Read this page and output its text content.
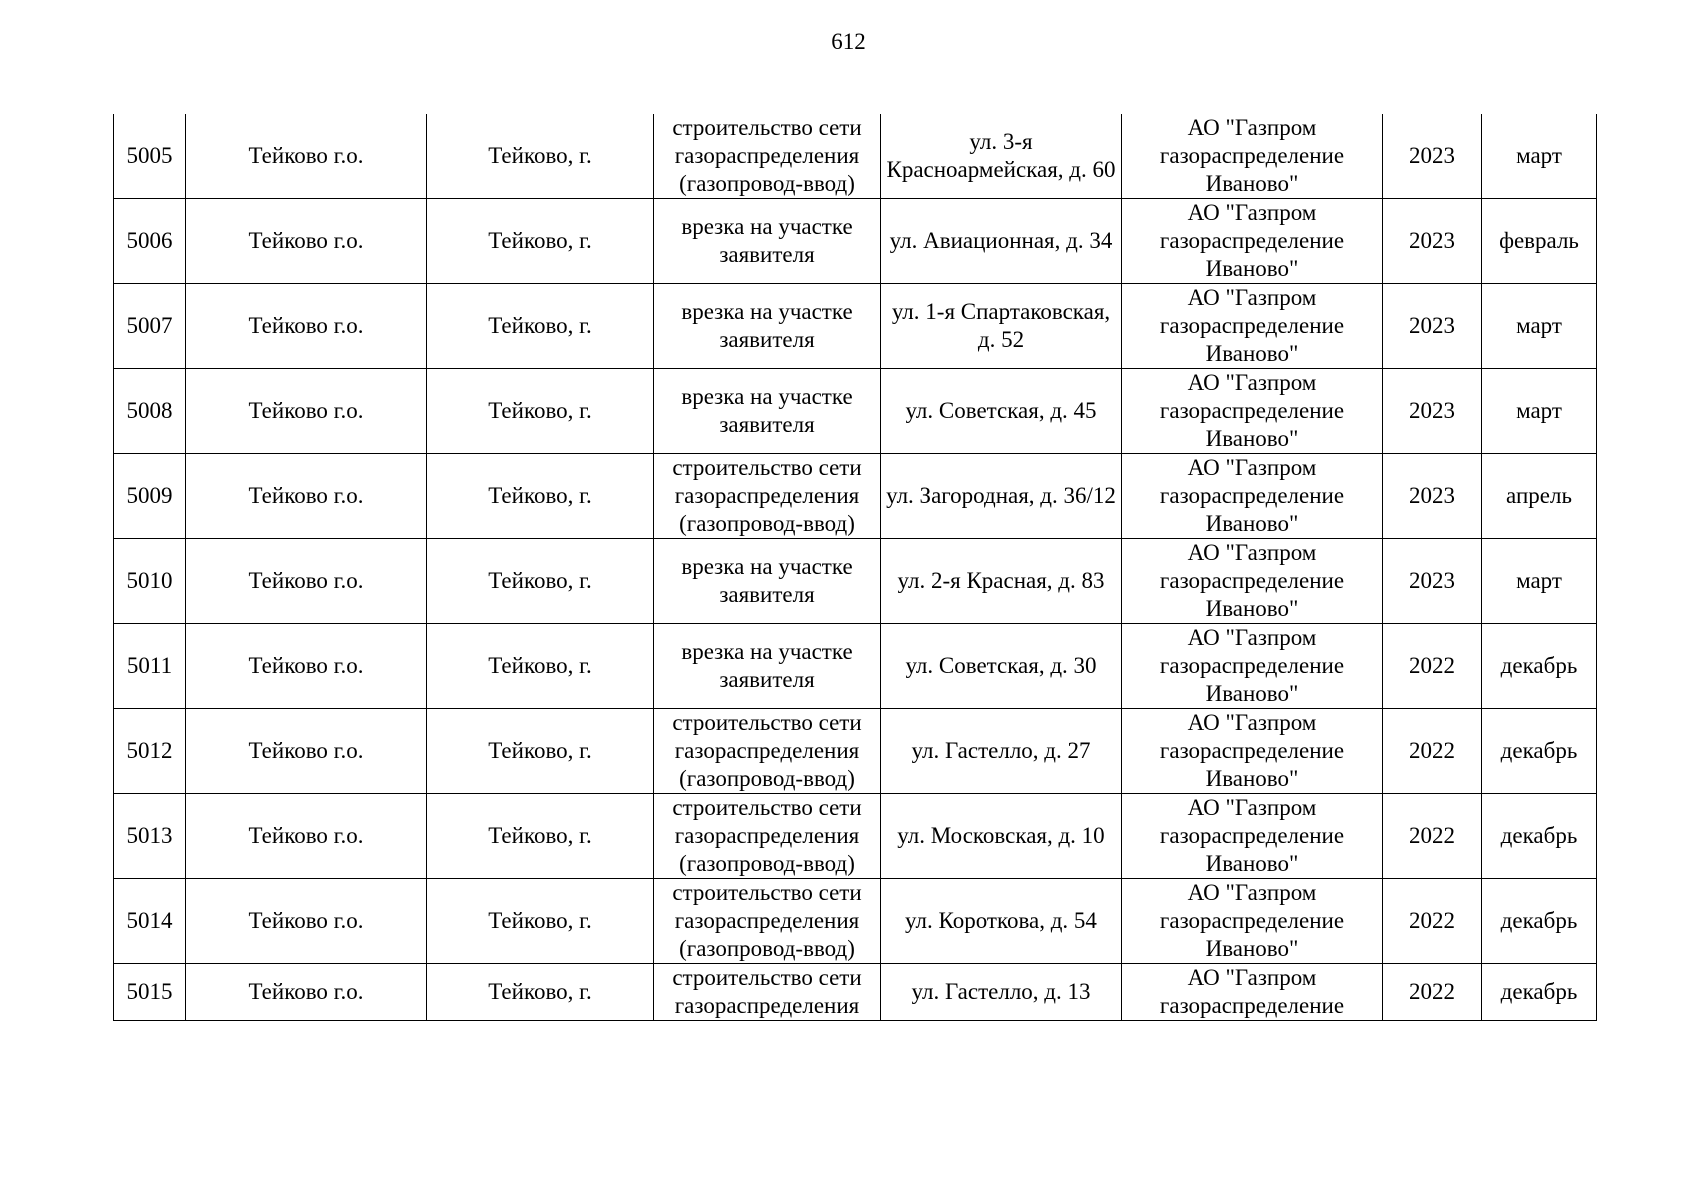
612
5005	Тейково г.о.	Тейково, г.	строительство сети газораспределения (газопровод-ввод)	ул. 3-я Красноармейская, д. 60	АО "Газпром газораспределение Иваново"	2023	март

5006	Тейково г.о.	Тейково, г.	врезка на участке заявителя	ул. Авиационная, д. 34	АО "Газпром газораспределение Иваново"	2023	февраль

5007	Тейково г.о.	Тейково, г.	врезка на участке заявителя	ул. 1-я Спартаковская, д. 52	АО "Газпром газораспределение Иваново"	2023	март

5008	Тейково г.о.	Тейково, г.	врезка на участке заявителя	ул. Советская, д. 45	АО "Газпром газораспределение Иваново"	2023	март

5009	Тейково г.о.	Тейково, г.	строительство сети газораспределения (газопровод-ввод)	ул. Загородная, д. 36/12	АО "Газпром газораспределение Иваново"	2023	апрель

5010	Тейково г.о.	Тейково, г.	врезка на участке заявителя	ул. 2-я Красная, д. 83	АО "Газпром газораспределение Иваново"	2023	март

5011	Тейково г.о.	Тейково, г.	врезка на участке заявителя	ул. Советская, д. 30	АО "Газпром газораспределение Иваново"	2022	декабрь

5012	Тейково г.о.	Тейково, г.	строительство сети газораспределения (газопровод-ввод)	ул. Гастелло, д. 27	АО "Газпром газораспределение Иваново"	2022	декабрь

5013	Тейково г.о.	Тейково, г.	строительство сети газораспределения (газопровод-ввод)	ул. Московская, д. 10	АО "Газпром газораспределение Иваново"	2022	декабрь

5014	Тейково г.о.	Тейково, г.	строительство сети газораспределения (газопровод-ввод)	ул. Короткова, д. 54	АО "Газпром газораспределение Иваново"	2022	декабрь

5015	Тейково г.о.	Тейково, г.	строительство сети газораспределения	ул. Гастелло, д. 13	АО "Газпром газораспределение	2022	декабрь
